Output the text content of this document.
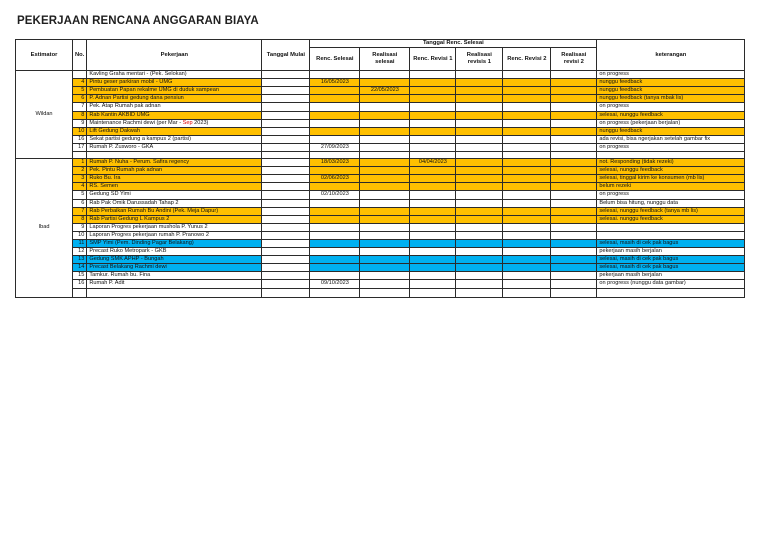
PEKERJAAN RENCANA ANGGARAN BIAYA
Estimator	No.	Pekerjaan	Tanggal Mulai	Tanggal Renc. Selesai						keterangan
				Renc. Selesai	Realisasi selesai	Renc. Revisi 1	Realisasi revisis 1	Renc. Revisi 2	Realisasi revisi 2	
Wildan		Kavling Graha mentari - (Pek. Selokan)								on progress
	4	Pintu geser parkiran mobil - UMG		16/05/2023						nunggu feedback
	5	Pembuatan Papan rekalme UMG di duduk sampean			22/05/2023					nunggu feedback
	6	P. Adnan Partisi gedung dana pensiun								nunggu feedback (tanya mbak lis)
	7	Pek. Atap Rumah pak adnan								on progress
	8	Rab Kantin AKBID UMG								selesai, nunggu feedback
	9	Maintenance Rachmi dewi (per Mar - Sep 2023)								on progress (pekerjaan berjalan)
	10	Lift Gedung Dakwah								nunggu feedback
	16	Sekat partisi gedung a kampus 2 (partisi)								ada revisi, bisa ngerjakan setelah gambar fix
	17	Rumah P. Zusworo - GKA		27/09/2023						on progress

Ibad	1	Rumah P. Nuha - Perum. Safira regency		18/03/2023		04/04/2023				not. Responding (tidak rezeki)
	2	Pek. Pintu Rumah pak adnan								selesai, nunggu feedback
	3	Ruko Bu. Ira		02/06/2023						selesai, tinggal kirim ke konsumen (mb lis)
	4	RS. Semen								belum rezeki
	5	Gedung SD Yimi		02/10/2023						on progress
	6	Rab Pak Omik Darussadah Tahap 2								Belum bisa hitung, nunggu data
	7	Rab Perbaikan Rumah Bu Andini (Pek. Meja Dapur)								selesai, nunggu feedback (tanya mb lis)
	8	Rab Partisi Gedung L Kampus 2								selesai. nunggu feedback
	9	Laporan Progres pekerjaan mushola P. Yunus 2								
	10	Laporan Progres pekerjaan rumah P. Pranowo 2								
	11	SMP Yimi (Pem. Dinding Pagar Belakang)								selesai, masih di cek pak bagus
	12	Precast Ruko Metropark - GKB								pekerjaan masih berjalan
	13	Gedung SMK APHP - Bungah								selesai, masih di cek pak bagus
	14	Precast Belakang Rachmi dewi								selesai, masih di cek pak bagus
	15	Tamkur. Rumah bu. Fina								pekerjaan masih berjalan
	16	Rumah P. Adit		09/10/2023						on progress (nunggu data gambar)
